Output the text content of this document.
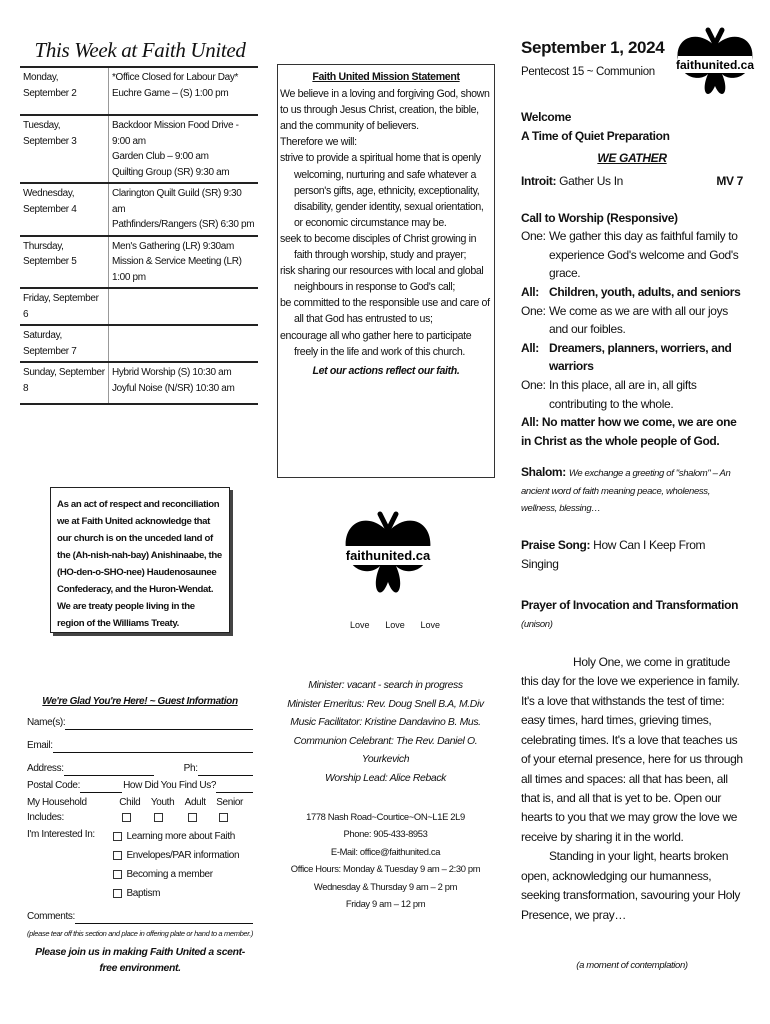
This Week at Faith United
Monday, September 2	*Office Closed for Labour Day*
Euchre Game – (S) 1:00 pm

Tuesday, September 3	Backdoor Mission Food Drive - 9:00 am
Garden Club – 9:00 am
Quilting Group (SR) 9:30 am

Wednesday, September 4	Clarington Quilt Guild (SR) 9:30 am
Pathfinders/Rangers (SR) 6:30 pm

Thursday, September 5	Men's Gathering (LR) 9:30am
Mission & Service Meeting (LR) 1:00 pm

Friday, September 6	
Saturday, September 7	
Sunday, September 8	Hybrid Worship (S) 10:30 am
Joyful Noise (N/SR) 10:30 am
Faith United Mission Statement
We believe in a loving and forgiving God, shown to us through Jesus Christ, creation, the bible, and the community of believers.
Therefore we will:
strive to provide a spiritual home that is openly welcoming, nurturing and safe whatever a person's gifts, age, ethnicity, exceptionality, disability, gender identity, sexual orientation, or economic circumstance may be.
seek to become disciples of Christ growing in faith through worship, study and prayer;
risk sharing our resources with local and global neighbours in response to God's call;
be committed to the responsible use and care of all that God has entrusted to us;
encourage all who gather here to participate freely in the life and work of this church.
Let our actions reflect our faith.
As an act of respect and reconciliation we at Faith United acknowledge that our church is on the unceded land of the (Ah-nish-nah-bay) Anishinaabe, the (HO-den-o-SHO-nee) Haudenosaunee Confederacy, and the Huron-Wendat. We are treaty people living in the region of the Williams Treaty.
faithunited.ca
faithunited.ca
Love Love Love
We're Glad You're Here! ~ Guest Information
Name(s):
Email:
Address:	Ph:
Postal Code:	How Did You Find Us?
My Household Includes:
Child	Youth	Adult	Senior
I'm Interested In:	Learning more about Faith
Envelopes/PAR information
Becoming a member
Baptism
Comments:
(please tear off this section and place in offering plate or hand to a member.)
Please join us in making Faith United a scent-free environment.
Minister: vacant - search in progress
Minister Emeritus: Rev. Doug Snell B.A, M.Div
Music Facilitator: Kristine Dandavino B. Mus.
Communion Celebrant: The Rev. Daniel O. Yourkevich
Worship Lead: Alice Reback
1778 Nash Road~Courtice~ON~L1E 2L9
Phone: 905-433-8953
E-Mail: office@faithunited.ca
Office Hours: Monday & Tuesday 9 am – 2:30 pm
Wednesday & Thursday 9 am – 2 pm
Friday 9 am – 12 pm
September 1, 2024
Pentecost 15 ~ Communion
Welcome
A Time of Quiet Preparation
WE GATHER
Introit: Gather Us In	MV 7
Call to Worship (Responsive)
One: We gather this day as faithful family to experience God's welcome and God's grace.
All: Children, youth, adults, and seniors
One: We come as we are with all our joys and our foibles.
All: Dreamers, planners, worriers, and warriors
One: In this place, all are in, all gifts contributing to the whole.
All: No matter how we come, we are one in Christ as the whole people of God.
Shalom: We exchange a greeting of "shalom" – An ancient word of faith meaning peace, wholeness, wellness, blessing…
Praise Song: How Can I Keep From Singing
Prayer of Invocation and Transformation (unison)
Holy One, we come in gratitude this day for the love we experience in family. It's a love that withstands the test of time: easy times, hard times, grieving times, celebrating times. It's a love that teaches us of your eternal presence, here for us through all times and spaces: all that has been, all that is, and all that is yet to be. Open our hearts to you that we may grow the love we receive by sharing it in the world.
Standing in your light, hearts broken open, acknowledging our humanness, seeking transformation, savouring your Holy Presence, we pray…
(a moment of contemplation)
